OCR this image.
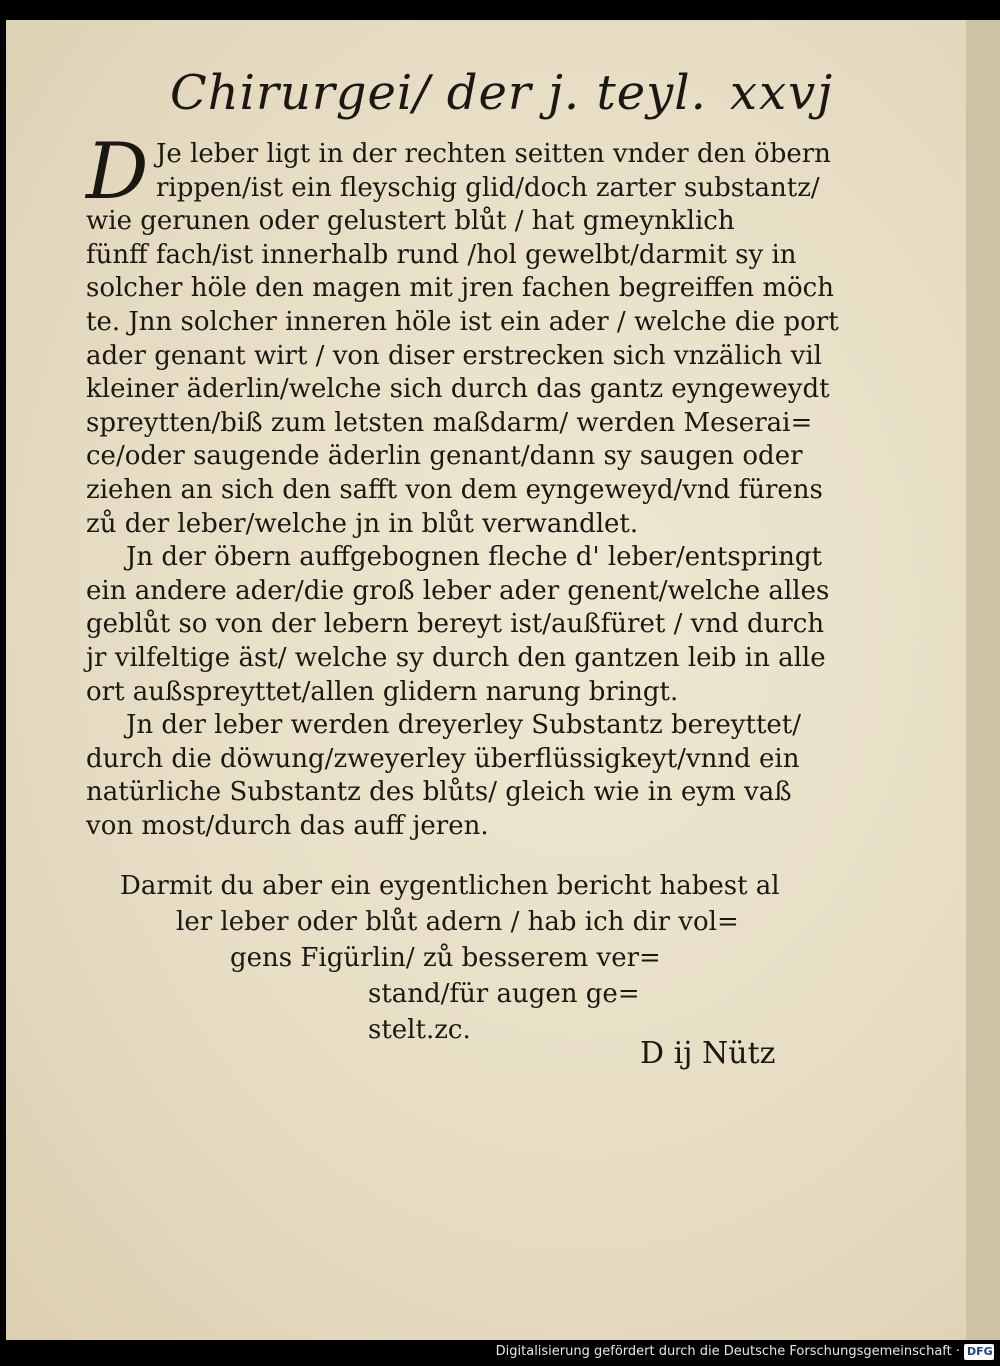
Chirurgei/ der j. teyl. xxvj
D Je leber ligt in der rechten seitten vnder den öbern
rippen/ist ein fleyschig glid/doch zarter substantz/
wie gerunen oder gelustert blůt / hat gmeynklich
fünff fach/ist innerhalb rund /hol gewelbt/darmit sy in
solcher höle den magen mit jren fachen begreiffen möch
te. Jnn solcher inneren höle ist ein ader / welche die port
ader genant wirt / von diser erstrecken sich vnzälich vil
kleiner äderlin/welche sich durch das gantz eyngeweydt
spreytten/biß zum letsten maßdarm/ werden Meserai=
ce/oder saugende äderlin genant/dann sy saugen oder
ziehen an sich den safft von dem eyngeweyd/vnd fürens
zů der leber/welche jn in blůt verwandlet.
Jn der öbern auffgebognen fleche d' leber/entspringt
ein andere ader/die groß leber ader genent/welche alles
geblůt so von der lebern bereyt ist/außfüret / vnd durch
jr vilfeltige äst/ welche sy durch den gantzen leib in alle
ort außspreyttet/allen glidern narung bringt.
Jn der leber werden dreyerley Substantz bereyttet/
durch die döwung/zweyerley überflüssigkeyt/vnnd ein
natürliche Substantz des blůts/ gleich wie in eym vaß
von most/durch das auff jeren.
Darmit du aber ein eygentlichen bericht habest al
ler leber oder blůt adern / hab ich dir vol=
gens Figürlin/ zů besserem ver=
stand/für augen ge=
stelt.zc.
D ij Nütz
Digitalisierung gefördert durch die Deutsche Forschungsgemeinschaft ·
DFG
